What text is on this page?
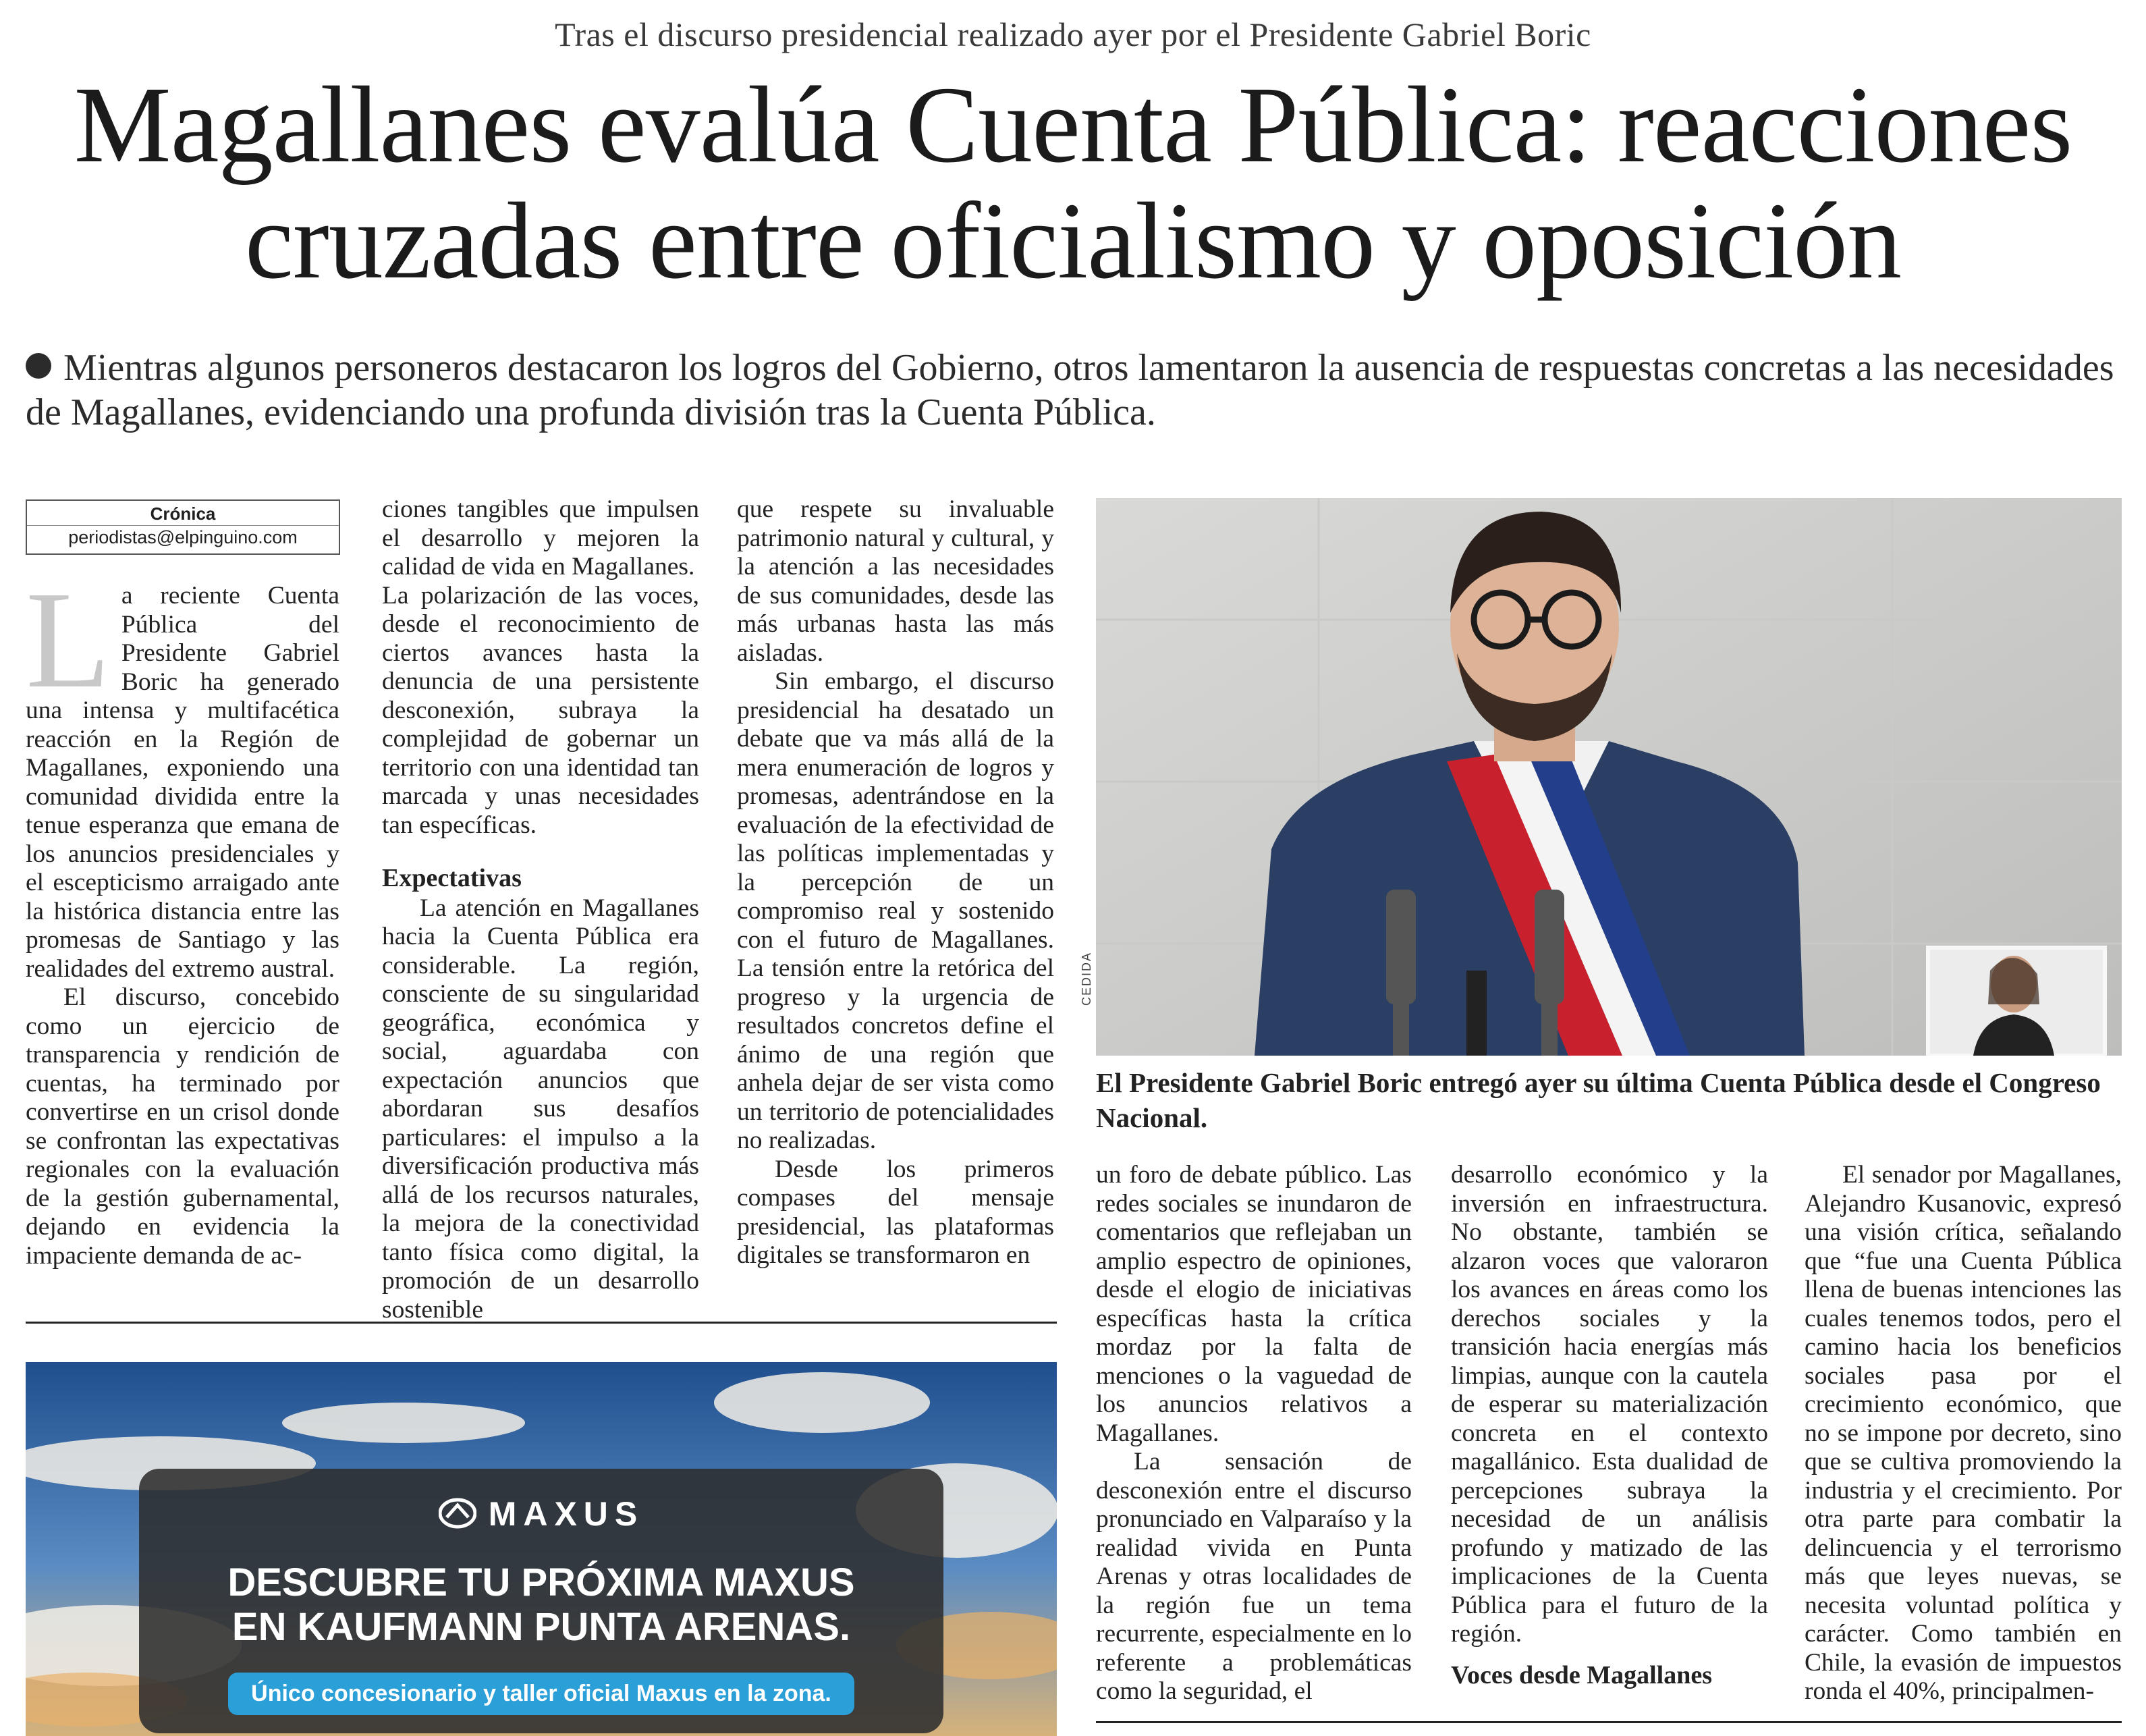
Tras el discurso presidencial realizado ayer por el Presidente Gabriel Boric
Magallanes evalúa Cuenta Pública: reacciones
cruzadas entre oficialismo y oposición
Mientras algunos personeros destacaron los logros del Gobierno, otros lamentaron la ausencia de respuestas concretas a las necesidades de Magallanes, evidenciando una profunda división tras la Cuenta Pública.
Crónica
periodistas@elpinguino.com

La reciente Cuenta Pública del Presidente Gabriel Boric ha generado una intensa y multifacética reacción en la Región de Magallanes, exponiendo una comunidad dividida entre la tenue esperanza que emana de los anuncios presidenciales y el escepticismo arraigado ante la histórica distancia entre las promesas de Santiago y las realidades del extremo austral.

El discurso, concebido como un ejercicio de transparencia y rendición de cuentas, ha terminado por convertirse en un crisol donde se confrontan las expectativas regionales con la evaluación de la gestión gubernamental, dejando en evidencia la impaciente demanda de ac-

ciones tangibles que impulsen el desarrollo y mejoren la calidad de vida en Magallanes.

La polarización de las voces, desde el reconocimiento de ciertos avances hasta la denuncia de una persistente desconexión, subraya la complejidad de gobernar un territorio con una identidad tan marcada y unas necesidades tan específicas.

Expectativas

La atención en Magallanes hacia la Cuenta Pública era considerable. La región, consciente de su singularidad geográfica, económica y social, aguardaba con expectación anuncios que abordaran sus desafíos particulares: el impulso a la diversificación productiva más allá de los recursos naturales, la mejora de la conectividad tanto física como digital, la promoción de un desarrollo sostenible

que respete su invaluable patrimonio natural y cultural, y la atención a las necesidades de sus comunidades, desde las más urbanas hasta las más aisladas.

Sin embargo, el discurso presidencial ha desatado un debate que va más allá de la mera enumeración de logros y promesas, adentrándose en la evaluación de la efectividad de las políticas implementadas y la percepción de un compromiso real y sostenido con el futuro de Magallanes. La tensión entre la retórica del progreso y la urgencia de resultados concretos define el ánimo de una región que anhela dejar de ser vista como un territorio de potencialidades no realizadas.

Desde los primeros compases del mensaje presidencial, las plataformas digitales se transformaron en

CEDIDA
El Presidente Gabriel Boric entregó ayer su última Cuenta Pública desde el Congreso Nacional.

un foro de debate público. Las redes sociales se inundaron de comentarios que reflejaban un amplio espectro de opiniones, desde el elogio de iniciativas específicas hasta la crítica mordaz por la falta de menciones o la vaguedad de los anuncios relativos a Magallanes.

La sensación de desconexión entre el discurso pronunciado en Valparaíso y la realidad vivida en Punta Arenas y otras localidades de la región fue un tema recurrente, especialmente en lo referente a problemáticas como la seguridad, el

desarrollo económico y la inversión en infraestructura. No obstante, también se alzaron voces que valoraron los avances en áreas como los derechos sociales y la transición hacia energías más limpias, aunque con la cautela de esperar su materialización concreta en el contexto magallánico. Esta dualidad de percepciones subraya la necesidad de un análisis profundo y matizado de las implicaciones de la Cuenta Pública para el futuro de la región.

Voces desde Magallanes

El senador por Magallanes, Alejandro Kusanovic, expresó una visión crítica, señalando que “fue una Cuenta Pública llena de buenas intenciones las cuales tenemos todos, pero el camino hacia los beneficios sociales pasa por el crecimiento económico, que no se impone por decreto, sino que se cultiva promoviendo la industria y el crecimiento. Por otra parte para combatir la delincuencia y el terrorismo más que leyes nuevas, se necesita voluntad política y carácter. Como también en Chile, la evasión de impuestos ronda el 40%, principalmen-

MAXUS
DESCUBRE TU PRÓXIMA MAXUS
EN KAUFMANN PUNTA ARENAS.
Único concesionario y taller oficial Maxus en la zona.
